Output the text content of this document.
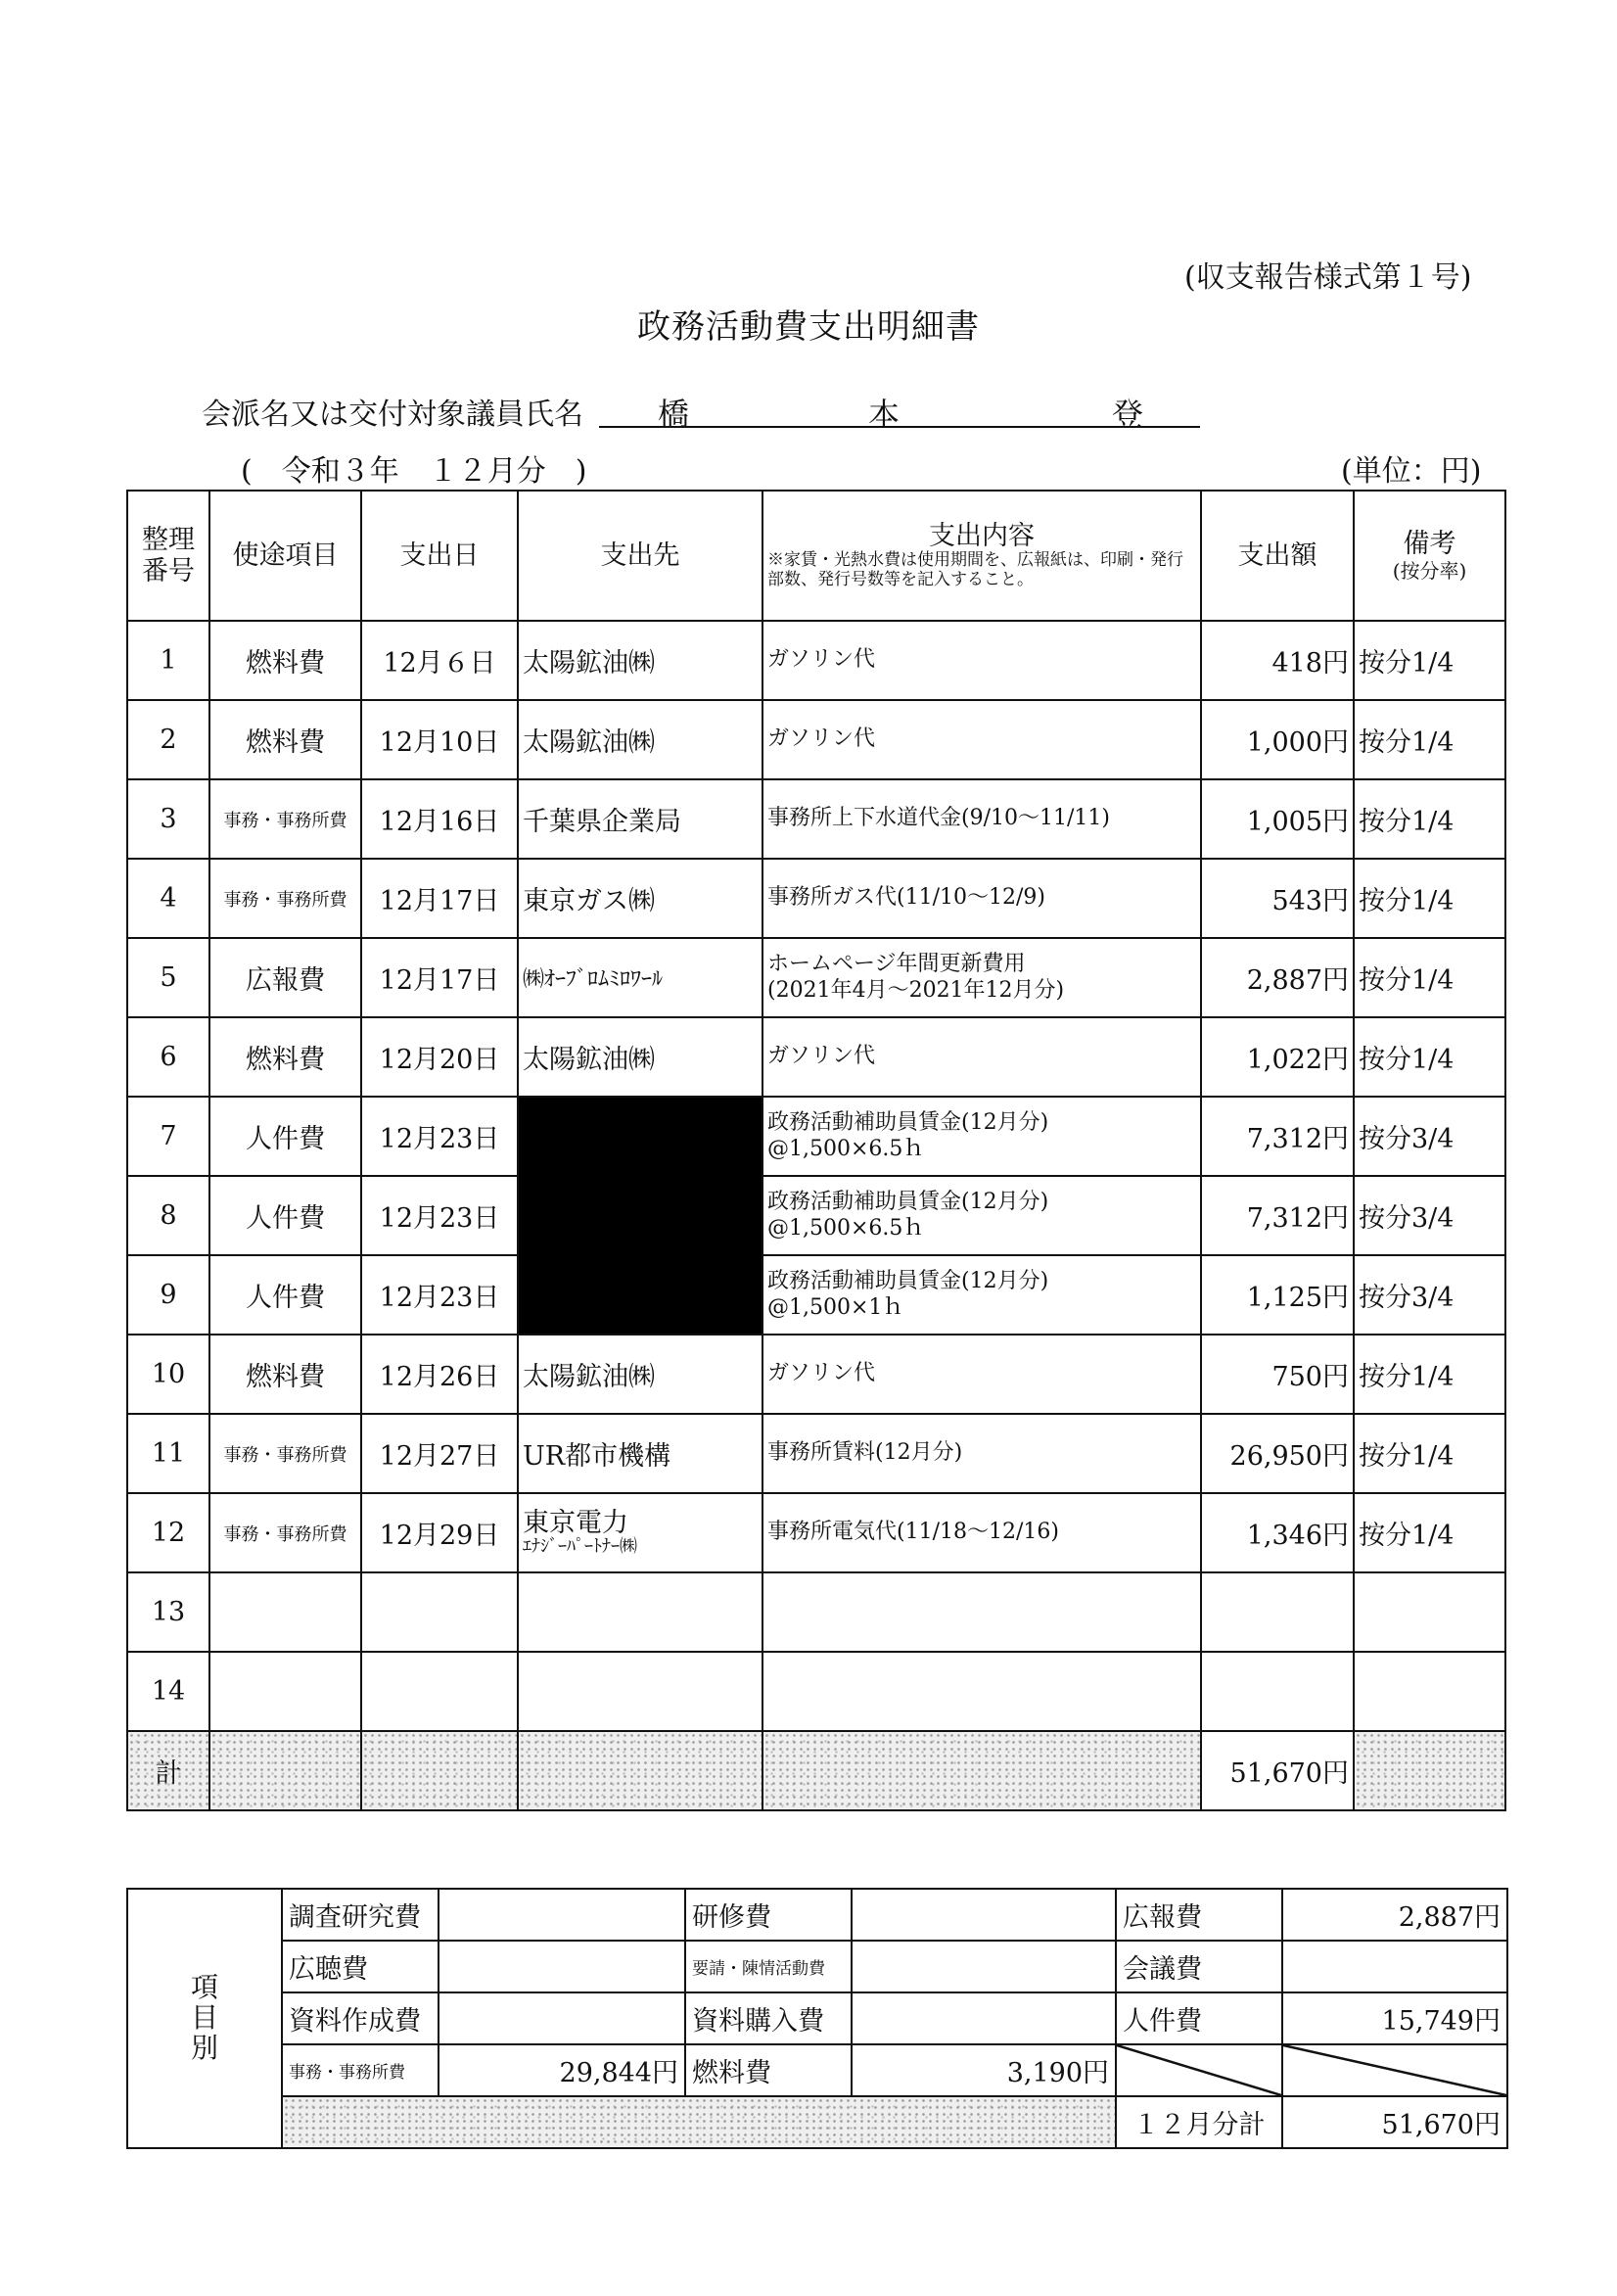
(収支報告様式第１号)
政務活動費支出明細書
会派名又は交付対象議員氏名 橋	本	登
(　令和３年　１２月分　)	(単位：円)
整理番号	使途項目	支出日	支出先	支出内容
※家賃・光熱水費は使用期間を、広報紙は、印刷・発行部数、発行号数等を記入すること。	支出額	備考
(按分率)

1	燃料費	12月６日	太陽鉱油㈱	ガソリン代	418円	按分1/4
2	燃料費	12月10日	太陽鉱油㈱	ガソリン代	1,000円	按分1/4
3	事務・事務所費	12月16日	千葉県企業局	事務所上下水道代金(9/10～11/11)	1,005円	按分1/4
4	事務・事務所費	12月17日	東京ガス㈱	事務所ガス代(11/10～12/9)	543円	按分1/4
5	広報費	12月17日	㈱ｵｰﾌﾞﾛﾑﾐﾛﾜｰﾙ	ホームページ年間更新費用
(2021年4月～2021年12月分)	2,887円	按分1/4
6	燃料費	12月20日	太陽鉱油㈱	ガソリン代	1,022円	按分1/4
7	人件費	12月23日		政務活動補助員賃金(12月分)
@1,500×6.5ｈ	7,312円	按分3/4
8	人件費	12月23日		政務活動補助員賃金(12月分)
@1,500×6.5ｈ	7,312円	按分3/4
9	人件費	12月23日		政務活動補助員賃金(12月分)
@1,500×1ｈ	1,125円	按分3/4
10	燃料費	12月26日	太陽鉱油㈱	ガソリン代	750円	按分1/4
11	事務・事務所費	12月27日	UR都市機構	事務所賃料(12月分)	26,950円	按分1/4
12	事務・事務所費	12月29日	東京電力
ｴﾅｼﾞｰﾊﾟｰﾄﾅｰ㈱	事務所電気代(11/18～12/16)	1,346円	按分1/4
13						
14						
計					51,670円	
項
目
別	調査研究費		研修費		広報費	2,887円
	広聴費		要請・陳情活動費		会議費	
	資料作成費		資料購入費		人件費	15,749円
	事務・事務所費	29,844円	燃料費	3,190円		
					１２月分計	51,670円
